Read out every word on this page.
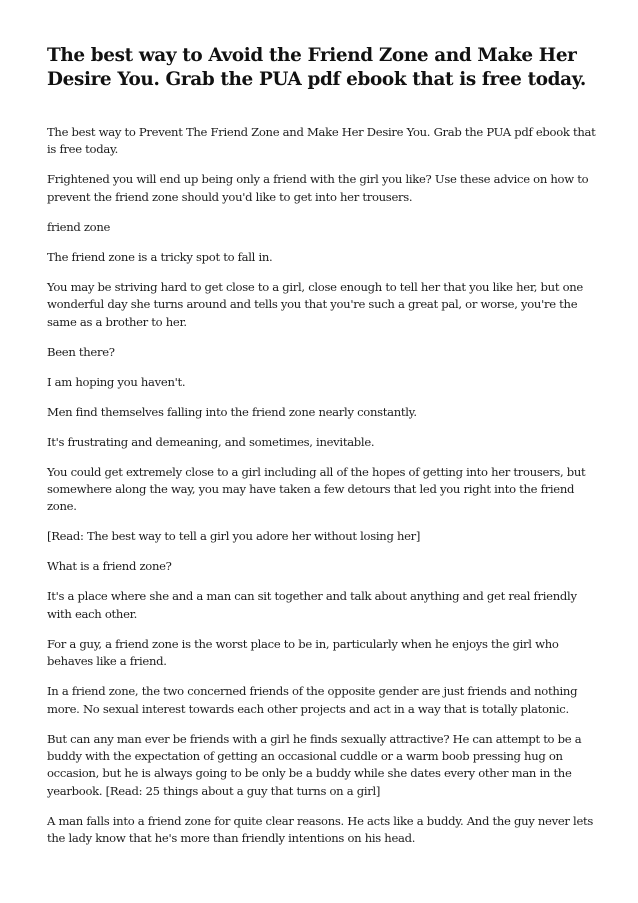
The best way to Avoid the Friend Zone and Make Her Desire You. Grab the PUA pdf ebook that is free today.

The best way to Prevent The Friend Zone and Make Her Desire You. Grab the PUA pdf ebook that is free today.

Frightened you will end up being only a friend with the girl you like? Use these advice on how to prevent the friend zone should you'd like to get into her trousers.

friend zone

The friend zone is a tricky spot to fall in.

You may be striving hard to get close to a girl, close enough to tell her that you like her, but one wonderful day she turns around and tells you that you're such a great pal, or worse, you're the same as a brother to her.

Been there?

I am hoping you haven't.

Men find themselves falling into the friend zone nearly constantly.

It's frustrating and demeaning, and sometimes, inevitable.

You could get extremely close to a girl including all of the hopes of getting into her trousers, but somewhere along the way, you may have taken a few detours that led you right into the friend zone.

[Read: The best way to tell a girl you adore her without losing her]

What is a friend zone?

It's a place where she and a man can sit together and talk about anything and get real friendly with each other.

For a guy, a friend zone is the worst place to be in, particularly when he enjoys the girl who behaves like a friend.

In a friend zone, the two concerned friends of the opposite gender are just friends and nothing more. No sexual interest towards each other projects and act in a way that is totally platonic.

But can any man ever be friends with a girl he finds sexually attractive? He can attempt to be a buddy with the expectation of getting an occasional cuddle or a warm boob pressing hug on occasion, but he is always going to be only be a buddy while she dates every other man in the yearbook. [Read: 25 things about a guy that turns on a girl]

A man falls into a friend zone for quite clear reasons. He acts like a buddy. And the guy never lets the lady know that he's more than friendly intentions on his head.
